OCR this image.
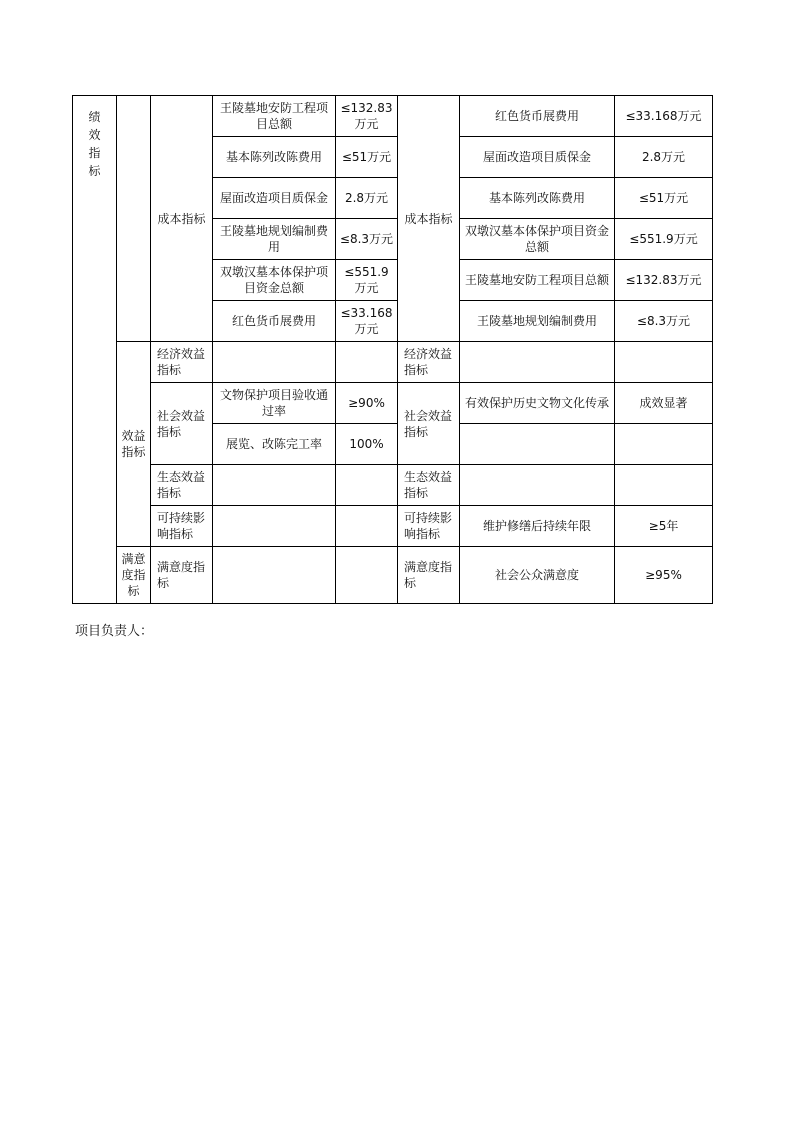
绩效指标		成本指标	王陵墓地安防工程项目总额	≤132.83万元	成本指标	红色货币展费用	≤33.168万元
			基本陈列改陈费用	≤51万元		屋面改造项目质保金	2.8万元
			屋面改造项目质保金	2.8万元		基本陈列改陈费用	≤51万元
			王陵墓地规划编制费用	≤8.3万元		双墩汉墓本体保护项目资金总额	≤551.9万元
			双墩汉墓本体保护项目资金总额	≤551.9万元		王陵墓地安防工程项目总额	≤132.83万元
			红色货币展费用	≤33.168万元		王陵墓地规划编制费用	≤8.3万元
	效益指标	经济效益指标			经济效益指标		
		社会效益指标	文物保护项目验收通过率	≥90%	社会效益指标	有效保护历史文物文化传承	成效显著
			展览、改陈完工率	100%			
		生态效益指标			生态效益指标		
		可持续影响指标			可持续影响指标	维护修缮后持续年限	≥5年
	满意度指标	满意度指标			满意度指标	社会公众满意度	≥95%
项目负责人：
